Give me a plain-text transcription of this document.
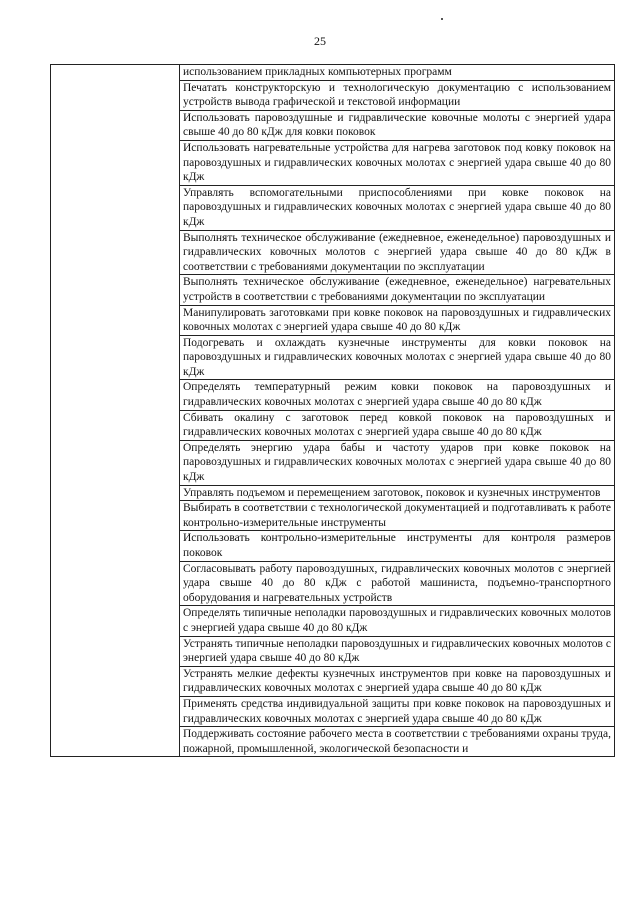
25
	использованием прикладных компьютерных программ
Печатать конструкторскую и технологическую документацию с использованием устройств вывода графической и текстовой информации
Использовать паровоздушные и гидравлические ковочные молоты с энергией удара свыше 40 до 80 кДж для ковки поковок
Использовать нагревательные устройства для нагрева заготовок под ковку поковок на паровоздушных и гидравлических ковочных молотах с энергией удара свыше 40 до 80 кДж
Управлять вспомогательными приспособлениями при ковке поковок на паровоздушных и гидравлических ковочных молотах с энергией удара свыше 40 до 80 кДж
Выполнять техническое обслуживание (ежедневное, еженедельное) паровоздушных и гидравлических ковочных молотов с энергией удара свыше 40 до 80 кДж в соответствии с требованиями документации по эксплуатации
Выполнять техническое обслуживание (ежедневное, еженедельное) нагревательных устройств в соответствии с требованиями документации по эксплуатации
Манипулировать заготовками при ковке поковок на паровоздушных и гидравлических ковочных молотах с энергией удара свыше 40 до 80 кДж
Подогревать и охлаждать кузнечные инструменты для ковки поковок на паровоздушных и гидравлических ковочных молотах с энергией удара свыше 40 до 80 кДж
Определять температурный режим ковки поковок на паровоздушных и гидравлических ковочных молотах с энергией удара свыше 40 до 80 кДж
Сбивать окалину с заготовок перед ковкой поковок на паровоздушных и гидравлических ковочных молотах с энергией удара свыше 40 до 80 кДж
Определять энергию удара бабы и частоту ударов при ковке поковок на паровоздушных и гидравлических ковочных молотах с энергией удара свыше 40 до 80 кДж
Управлять подъемом и перемещением заготовок, поковок и кузнечных инструментов
Выбирать в соответствии с технологической документацией и подготавливать к работе контрольно-измерительные инструменты
Использовать контрольно-измерительные инструменты для контроля размеров поковок
Согласовывать работу паровоздушных, гидравлических ковочных молотов с энергией удара свыше 40 до 80 кДж с работой машиниста, подъемно-транспортного оборудования и нагревательных устройств
Определять типичные неполадки паровоздушных и гидравлических ковочных молотов с энергией удара свыше 40 до 80 кДж
Устранять типичные неполадки паровоздушных и гидравлических ковочных молотов с энергией удара свыше 40 до 80 кДж
Устранять мелкие дефекты кузнечных инструментов при ковке на паровоздушных и гидравлических ковочных молотах с энергией удара свыше 40 до 80 кДж
Применять средства индивидуальной защиты при ковке поковок на паровоздушных и гидравлических ковочных молотах с энергией удара свыше 40 до 80 кДж
Поддерживать состояние рабочего места в соответствии с требованиями охраны труда, пожарной, промышленной, экологической безопасности и
